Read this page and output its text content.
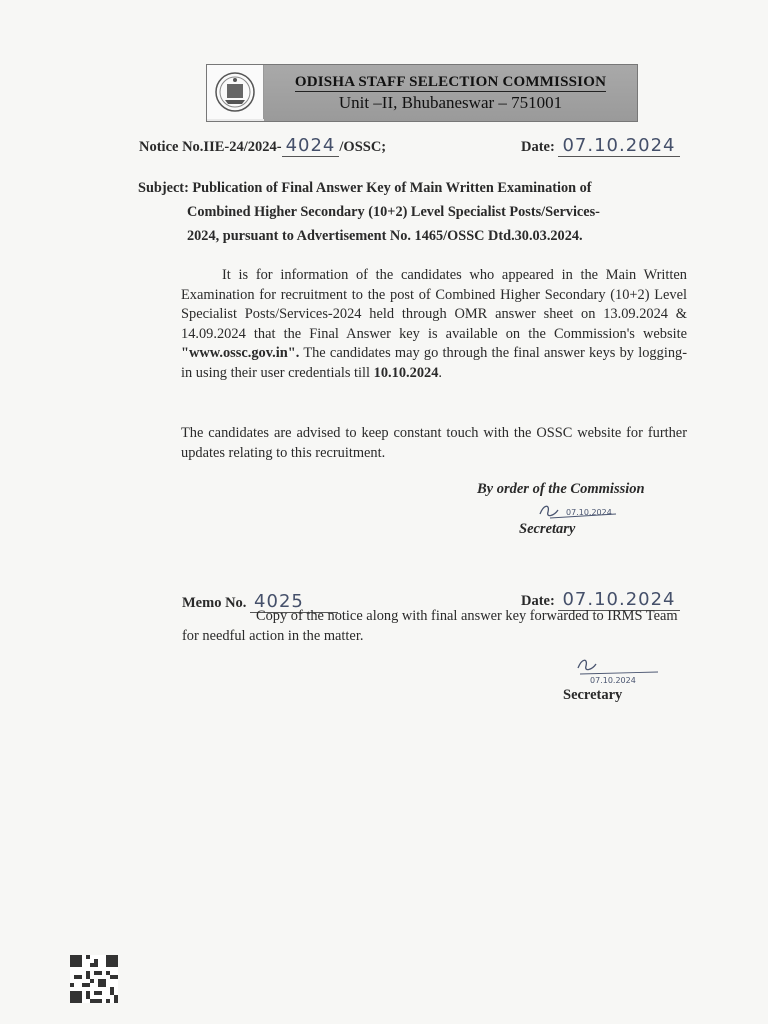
ODISHA STAFF SELECTION COMMISSION
Unit –II, Bhubaneswar – 751001
Notice No.IIE-24/2024- 4024 /OSSC;	Date: 07.10.2024
Subject: Publication of Final Answer Key of Main Written Examination of
Combined Higher Secondary (10+2) Level Specialist Posts/Services-
2024, pursuant to Advertisement No. 1465/OSSC Dtd.30.03.2024.
It is for information of the candidates who appeared in the Main Written Examination for recruitment to the post of Combined Higher Secondary (10+2) Level Specialist Posts/Services-2024 held through OMR answer sheet on 13.09.2024 & 14.09.2024 that the Final Answer key is available on the Commission's website "www.ossc.gov.in". The candidates may go through the final answer keys by logging-in using their user credentials till 10.10.2024.
The candidates are advised to keep constant touch with the OSSC website for further updates relating to this recruitment.
By order of the Commission
07.10.2024
Secretary
Memo No. 4025	Date: 07.10.2024
Copy of the notice along with final answer key forwarded to IRMS Team for needful action in the matter.
07.10.2024
Secretary
